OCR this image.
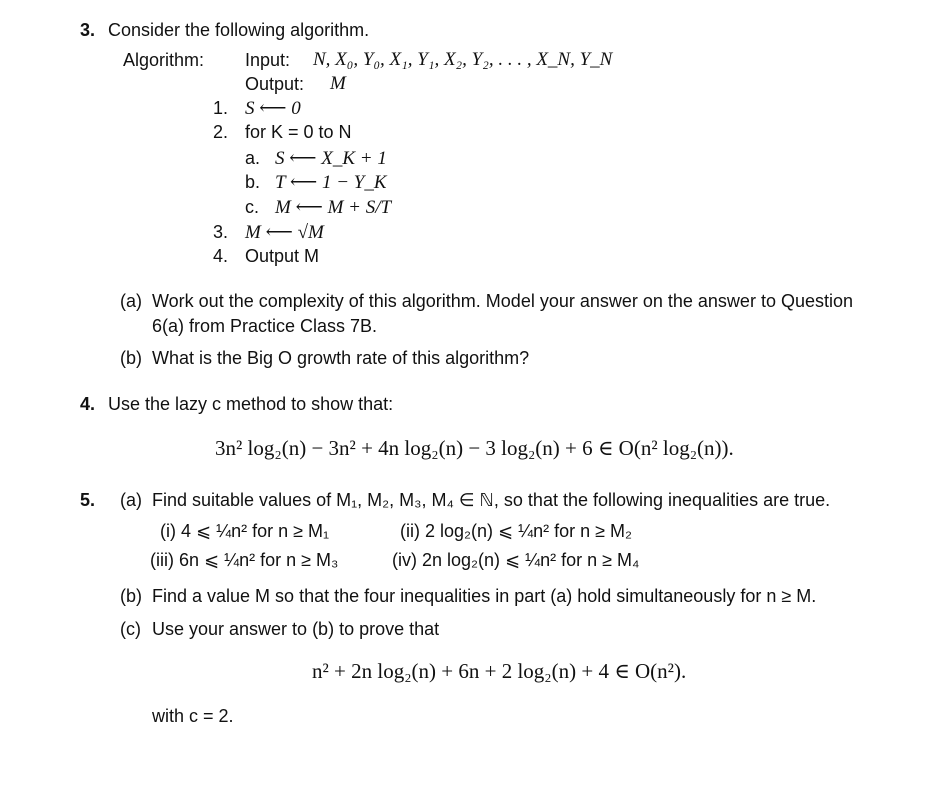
3. Consider the following algorithm.
Algorithm: Input: N, X₀, Y₀, X₁, Y₁, X₂, Y₂, . . . , X_N, Y_N
Output: M
1. S ⟵ 0
2. for K = 0 to N
a. S ⟵ X_K + 1
b. T ⟵ 1 − Y_K
c. M ⟵ M + S/T
3. M ⟵ √M
4. Output M
(a) Work out the complexity of this algorithm. Model your answer on the answer to Question
6(a) from Practice Class 7B.
(b) What is the Big O growth rate of this algorithm?
4. Use the lazy c method to show that:
3n² log₂(n) − 3n² + 4n log₂(n) − 3 log₂(n) + 6 ∈ O(n² log₂(n)).
5. (a) Find suitable values of M₁, M₂, M₃, M₄ ∈ ℕ, so that the following inequalities are true.
(i) 4 ⩽ ¼n² for n ≥ M₁	(ii) 2 log₂(n) ⩽ ¼n² for n ≥ M₂
(iii) 6n ⩽ ¼n² for n ≥ M₃	(iv) 2n log₂(n) ⩽ ¼n² for n ≥ M₄
(b) Find a value M so that the four inequalities in part (a) hold simultaneously for n ≥ M.
(c) Use your answer to (b) to prove that
n² + 2n log₂(n) + 6n + 2 log₂(n) + 4 ∈ O(n²).
with c = 2.
